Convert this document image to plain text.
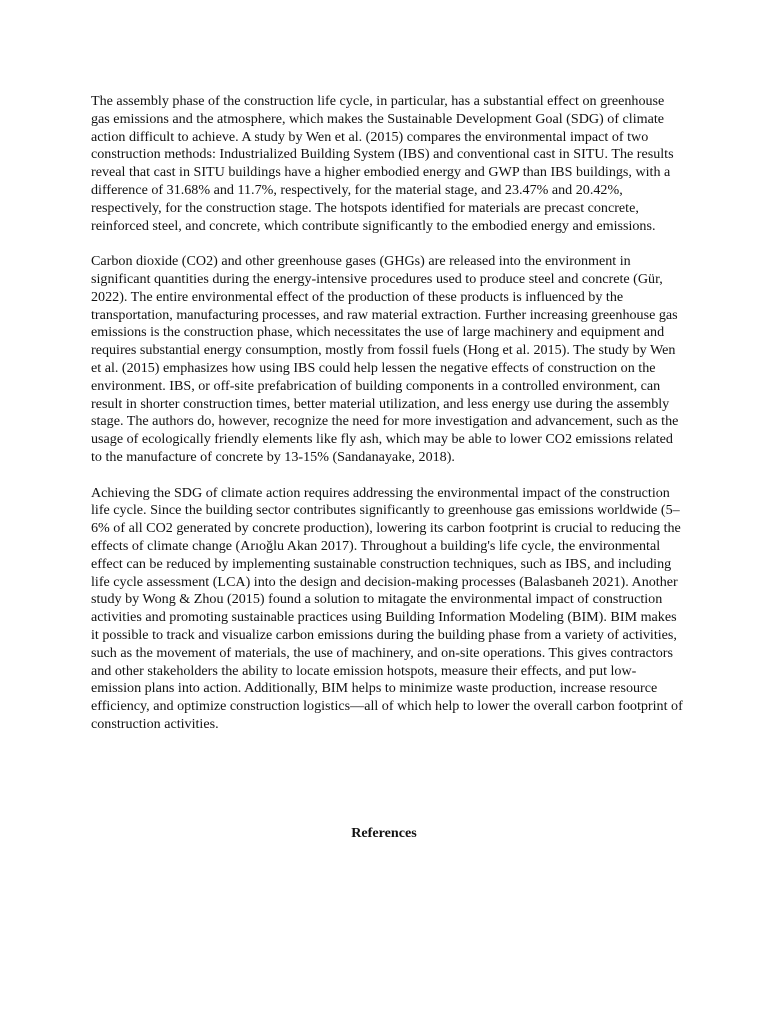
The assembly phase of the construction life cycle, in particular, has a substantial effect on greenhouse gas emissions and the atmosphere, which makes the Sustainable Development Goal (SDG) of climate action difficult to achieve. A study by Wen et al. (2015) compares the environmental impact of two construction methods: Industrialized Building System (IBS) and conventional cast in SITU. The results reveal that cast in SITU buildings have a higher embodied energy and GWP than IBS buildings, with a difference of 31.68% and 11.7%, respectively, for the material stage, and 23.47% and 20.42%, respectively, for the construction stage. The hotspots identified for materials are precast concrete, reinforced steel, and concrete, which contribute significantly to the embodied energy and emissions.

Carbon dioxide (CO2) and other greenhouse gases (GHGs) are released into the environment in significant quantities during the energy-intensive procedures used to produce steel and concrete (Gür, 2022). The entire environmental effect of the production of these products is influenced by the transportation, manufacturing processes, and raw material extraction. Further increasing greenhouse gas emissions is the construction phase, which necessitates the use of large machinery and equipment and requires substantial energy consumption, mostly from fossil fuels (Hong et al. 2015). The study by Wen et al. (2015) emphasizes how using IBS could help lessen the negative effects of construction on the environment. IBS, or off-site prefabrication of building components in a controlled environment, can result in shorter construction times, better material utilization, and less energy use during the assembly stage. The authors do, however, recognize the need for more investigation and advancement, such as the usage of ecologically friendly elements like fly ash, which may be able to lower CO2 emissions related to the manufacture of concrete by 13-15% (Sandanayake, 2018).

Achieving the SDG of climate action requires addressing the environmental impact of the construction life cycle. Since the building sector contributes significantly to greenhouse gas emissions worldwide (5–6% of all CO2 generated by concrete production), lowering its carbon footprint is crucial to reducing the effects of climate change (Arıoğlu Akan 2017). Throughout a building's life cycle, the environmental effect can be reduced by implementing sustainable construction techniques, such as IBS, and including life cycle assessment (LCA) into the design and decision-making processes (Balasbaneh 2021). Another study by Wong & Zhou (2015) found a solution to mitagate the environmental impact of construction activities and promoting sustainable practices using Building Information Modeling (BIM). BIM makes it possible to track and visualize carbon emissions during the building phase from a variety of activities, such as the movement of materials, the use of machinery, and on-site operations. This gives contractors and other stakeholders the ability to locate emission hotspots, measure their effects, and put low-emission plans into action. Additionally, BIM helps to minimize waste production, increase resource efficiency, and optimize construction logistics—all of which help to lower the overall carbon footprint of construction activities.

References
